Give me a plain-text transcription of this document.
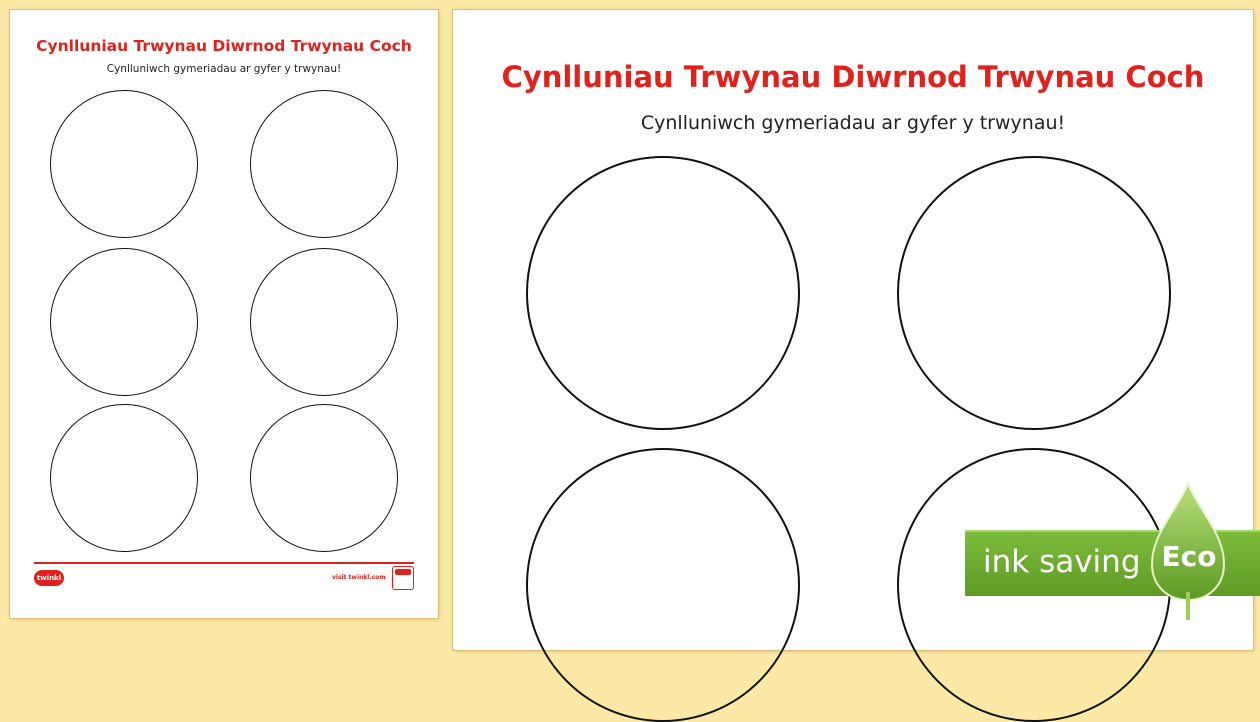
Cynlluniau Trwynau Diwrnod Trwynau Coch
Cynlluniwch gymeriadau ar gyfer y trwynau!
twinkl	visit twinkl.com
Cynlluniau Trwynau Diwrnod Trwynau Coch
Cynlluniwch gymeriadau ar gyfer y trwynau!
ink saving Eco
